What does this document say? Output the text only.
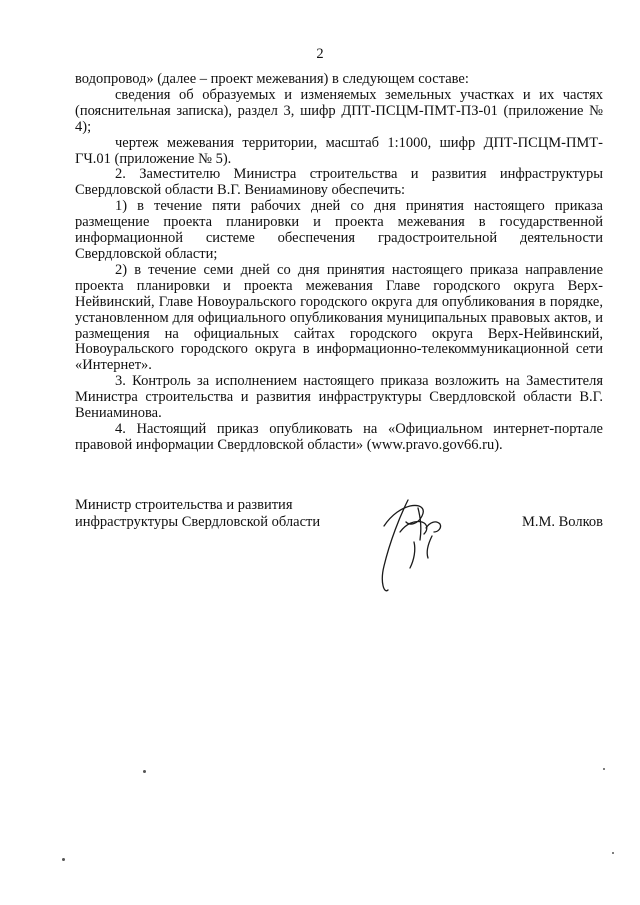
2

водопровод» (далее – проект межевания) в следующем составе:

сведения об образуемых и изменяемых земельных участках и их частях (пояснительная записка), раздел 3, шифр ДПТ-ПСЦМ-ПМТ-ПЗ-01 (приложение № 4);

чертеж межевания территории, масштаб 1:1000, шифр ДПТ-ПСЦМ-ПМТ-ГЧ.01 (приложение № 5).

2. Заместителю Министра строительства и развития инфраструктуры Свердловской области В.Г. Вениаминову обеспечить:

1) в течение пяти рабочих дней со дня принятия настоящего приказа размещение проекта планировки и проекта межевания в государственной информационной системе обеспечения градостроительной деятельности Свердловской области;

2) в течение семи дней со дня принятия настоящего приказа направление проекта планировки и проекта межевания Главе городского округа Верх-Нейвинский, Главе Новоуральского городского округа для опубликования в порядке, установленном для официального опубликования муниципальных правовых актов, и размещения на официальных сайтах городского округа Верх-Нейвинский, Новоуральского городского округа в информационно-телекоммуникационной сети «Интернет».

3. Контроль за исполнением настоящего приказа возложить на Заместителя Министра строительства и развития инфраструктуры Свердловской области В.Г. Вениаминова.

4. Настоящий приказ опубликовать на «Официальном интернет-портале правовой информации Свердловской области» (www.pravo.gov66.ru).

Министр строительства и развития
инфраструктуры Свердловской области	М.М. Волков
